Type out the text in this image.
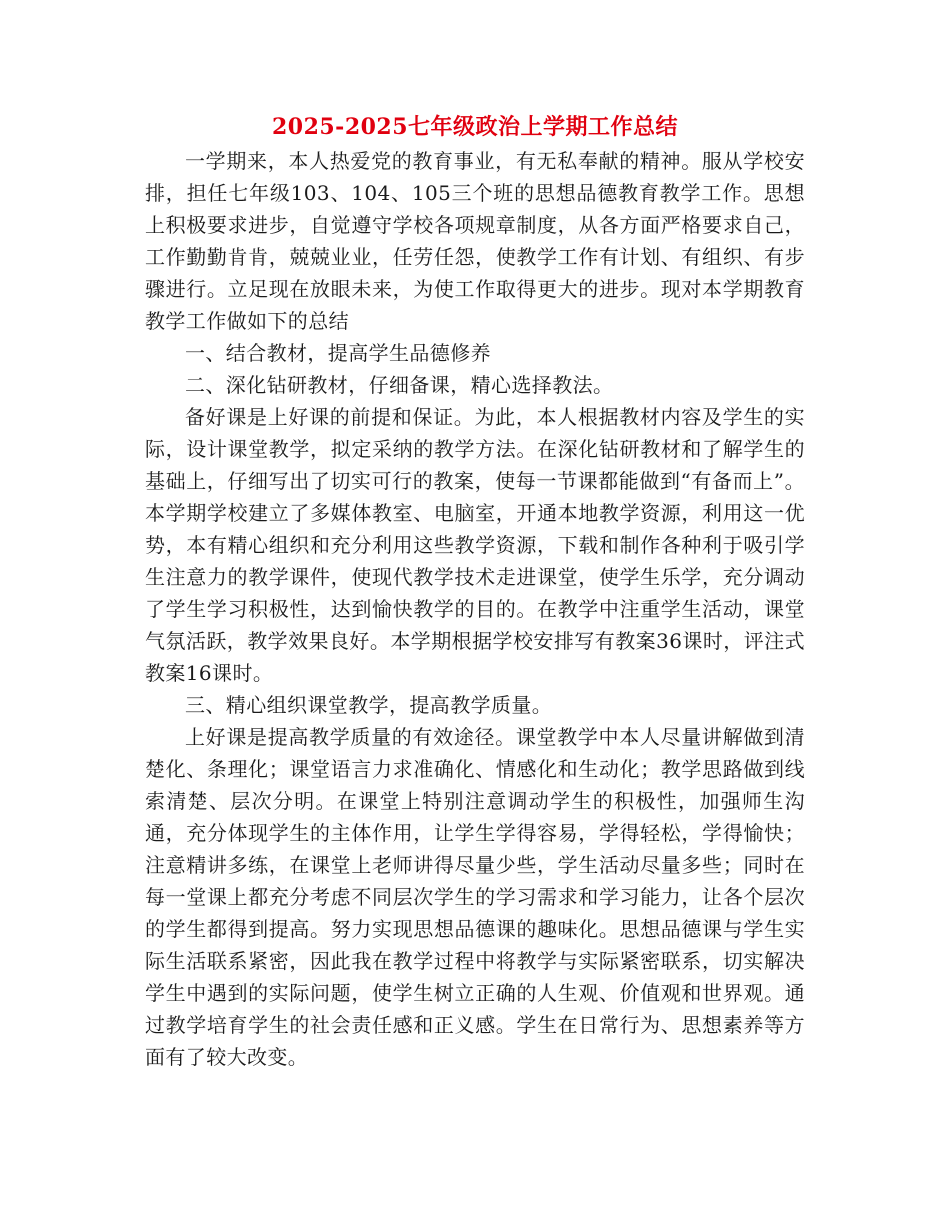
2025-2025七年级政治上学期工作总结

一学期来，本人热爱党的教育事业，有无私奉献的精神。服从学校安排，担任七年级103、104、105三个班的思想品德教育教学工作。思想上积极要求进步，自觉遵守学校各项规章制度，从各方面严格要求自己，工作勤勤肯肯，兢兢业业，任劳任怨，使教学工作有计划、有组织、有步骤进行。立足现在放眼未来，为使工作取得更大的进步。现对本学期教育教学工作做如下的总结

一、结合教材，提高学生品德修养

二、深化钻研教材，仔细备课，精心选择教法。

备好课是上好课的前提和保证。为此，本人根据教材内容及学生的实际，设计课堂教学，拟定采纳的教学方法。在深化钻研教材和了解学生的基础上，仔细写出了切实可行的教案，使每一节课都能做到“有备而上”。本学期学校建立了多媒体教室、电脑室，开通本地教学资源，利用这一优势，本有精心组织和充分利用这些教学资源，下载和制作各种利于吸引学生注意力的教学课件，使现代教学技术走进课堂，使学生乐学，充分调动了学生学习积极性，达到愉快教学的目的。在教学中注重学生活动，课堂气氛活跃，教学效果良好。本学期根据学校安排写有教案36课时，评注式教案16课时。

三、精心组织课堂教学，提高教学质量。

上好课是提高教学质量的有效途径。课堂教学中本人尽量讲解做到清楚化、条理化；课堂语言力求准确化、情感化和生动化；教学思路做到线索清楚、层次分明。在课堂上特别注意调动学生的积极性，加强师生沟通，充分体现学生的主体作用，让学生学得容易，学得轻松，学得愉快；注意精讲多练，在课堂上老师讲得尽量少些，学生活动尽量多些；同时在每一堂课上都充分考虑不同层次学生的学习需求和学习能力，让各个层次的学生都得到提高。努力实现思想品德课的趣味化。思想品德课与学生实际生活联系紧密，因此我在教学过程中将教学与实际紧密联系，切实解决学生中遇到的实际问题，使学生树立正确的人生观、价值观和世界观。通过教学培育学生的社会责任感和正义感。学生在日常行为、思想素养等方面有了较大改变。
